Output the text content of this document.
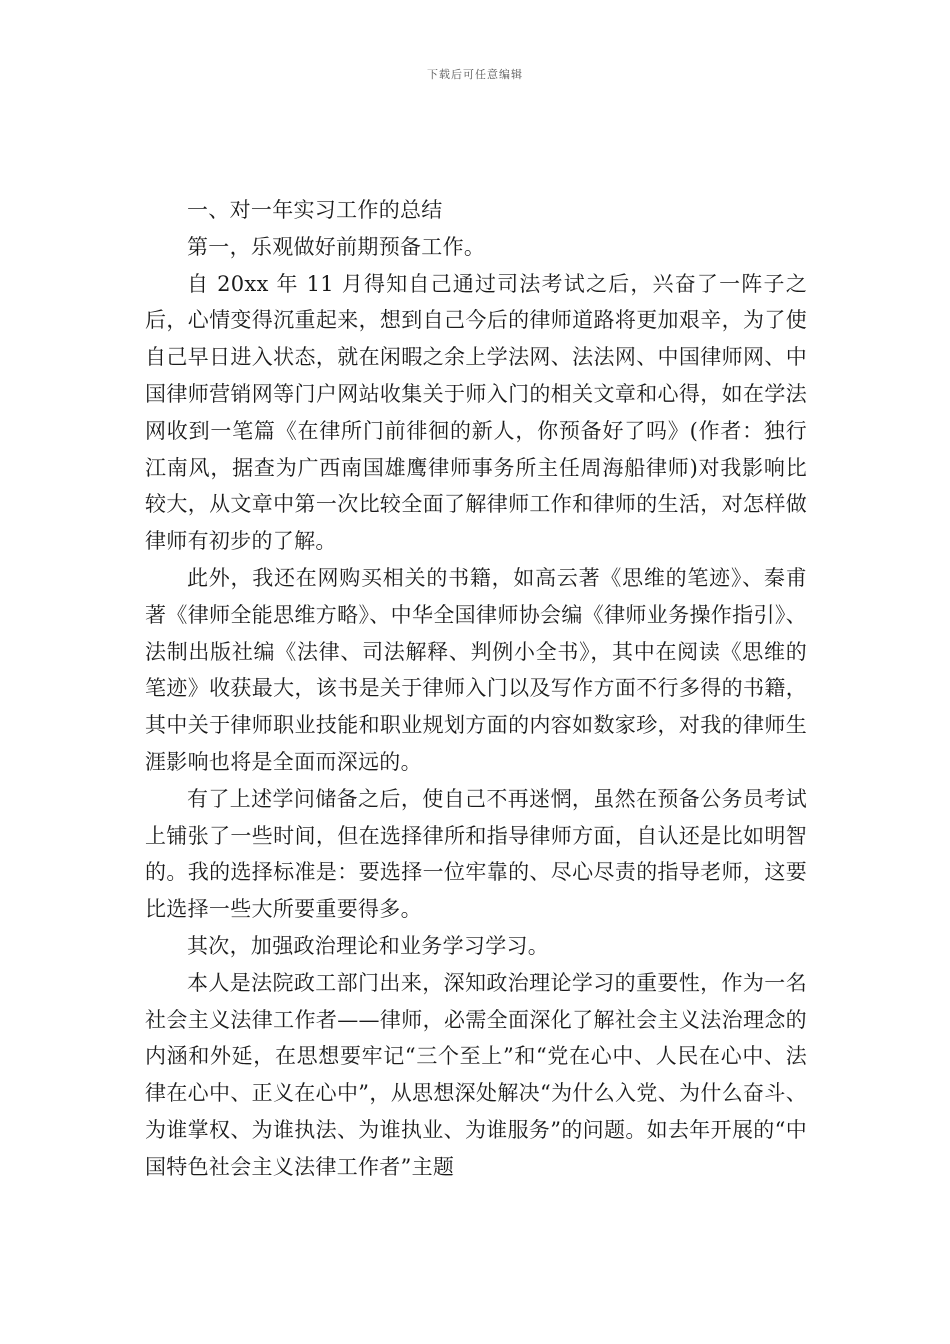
下载后可任意编辑

一、对一年实习工作的总结

第一，乐观做好前期预备工作。

自 20xx 年 11 月得知自己通过司法考试之后，兴奋了一阵子之后，心情变得沉重起来，想到自己今后的律师道路将更加艰辛，为了使自己早日进入状态，就在闲暇之余上学法网、法法网、中国律师网、中国律师营销网等门户网站收集关于师入门的相关文章和心得，如在学法网收到一笔篇《在律所门前徘徊的新人，你预备好了吗》(作者：独行江南风，据查为广西南国雄鹰律师事务所主任周海船律师)对我影响比较大，从文章中第一次比较全面了解律师工作和律师的生活，对怎样做律师有初步的了解。

此外，我还在网购买相关的书籍，如高云著《思维的笔迹》、秦甫著《律师全能思维方略》、中华全国律师协会编《律师业务操作指引》、法制出版社编《法律、司法解释、判例小全书》，其中在阅读《思维的笔迹》收获最大，该书是关于律师入门以及写作方面不行多得的书籍，其中关于律师职业技能和职业规划方面的内容如数家珍，对我的律师生涯影响也将是全面而深远的。

有了上述学问储备之后，使自己不再迷惘，虽然在预备公务员考试上铺张了一些时间，但在选择律所和指导律师方面，自认还是比如明智的。我的选择标准是：要选择一位牢靠的、尽心尽责的指导老师，这要比选择一些大所要重要得多。

其次，加强政治理论和业务学习学习。

本人是法院政工部门出来，深知政治理论学习的重要性，作为一名社会主义法律工作者——律师，必需全面深化了解社会主义法治理念的内涵和外延，在思想要牢记“三个至上”和“党在心中、人民在心中、法律在心中、正义在心中”，从思想深处解决“为什么入党、为什么奋斗、为谁掌权、为谁执法、为谁执业、为谁服务”的问题。如去年开展的“中国特色社会主义法律工作者”主题
